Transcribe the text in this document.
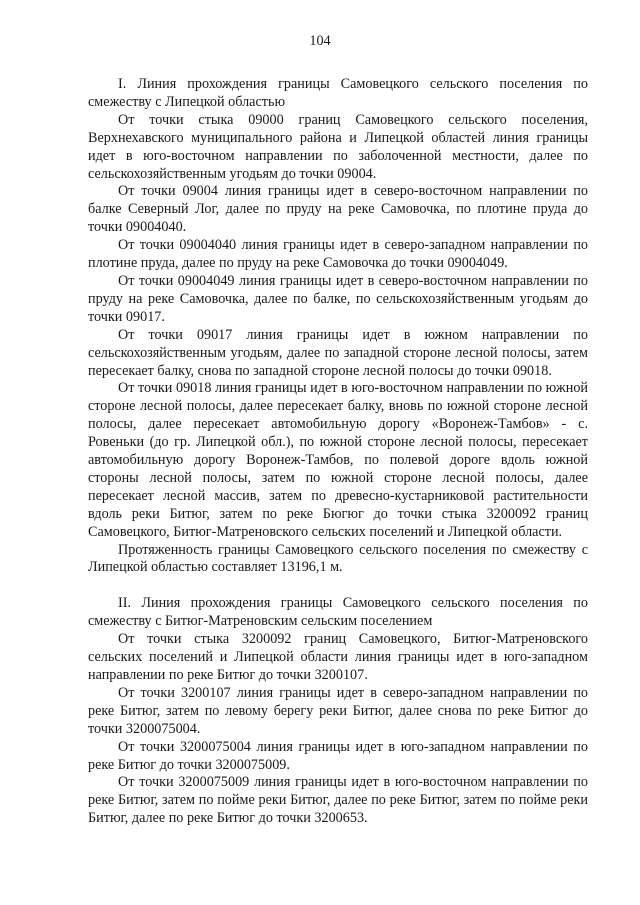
104

I. Линия прохождения границы Самовецкого сельского поселения по смежеству с Липецкой областью

От точки стыка 09000 границ Самовецкого сельского поселения, Верхнехавского муниципального района и Липецкой областей линия границы идет в юго-восточном направлении по заболоченной местности, далее по сельскохозяйственным угодьям до точки 09004.

От точки 09004 линия границы идет в северо-восточном направлении по балке Северный Лог, далее по пруду на реке Самовочка, по плотине пруда до точки 09004040.

От точки 09004040 линия границы идет в северо-западном направлении по плотине пруда, далее по пруду на реке Самовочка до точки 09004049.

От точки 09004049 линия границы идет в северо-восточном направлении по пруду на реке Самовочка, далее по балке, по сельскохозяйственным угодьям до точки 09017.

От точки 09017 линия границы идет в южном направлении по сельскохозяйственным угодьям, далее по западной стороне лесной полосы, затем пересекает балку, снова по западной стороне лесной полосы до точки 09018.

От точки 09018 линия границы идет в юго-восточном направлении по южной стороне лесной полосы, далее пересекает балку, вновь по южной стороне лесной полосы, далее пересекает автомобильную дорогу «Воронеж-Тамбов» - с. Ровеньки (до гр. Липецкой обл.), по южной стороне лесной полосы, пересекает автомобильную дорогу Воронеж-Тамбов, по полевой дороге вдоль южной стороны лесной полосы, затем по южной стороне лесной полосы, далее пересекает лесной массив, затем по древесно-кустарниковой растительности вдоль реки Битюг, затем по реке Бюгюг до точки стыка 3200092 границ Самовецкого, Битюг-Матреновского сельских поселений и Липецкой области.

Протяженность границы Самовецкого сельского поселения по смежеству с Липецкой областью составляет 13196,1 м.

II. Линия прохождения границы Самовецкого сельского поселения по смежеству с Битюг-Матреновским сельским поселением

От точки стыка 3200092 границ Самовецкого, Битюг-Матреновского сельских поселений и Липецкой области линия границы идет в юго-западном направлении по реке Битюг до точки 3200107.

От точки 3200107 линия границы идет в северо-западном направлении по реке Битюг, затем по левому берегу реки Битюг, далее снова по реке Битюг до точки 3200075004.

От точки 3200075004 линия границы идет в юго-западном направлении по реке Битюг до точки 3200075009.

От точки 3200075009 линия границы идет в юго-восточном направлении по реке Битюг, затем по пойме реки Битюг, далее по реке Битюг, затем по пойме реки Битюг, далее по реке Битюг до точки 3200653.
